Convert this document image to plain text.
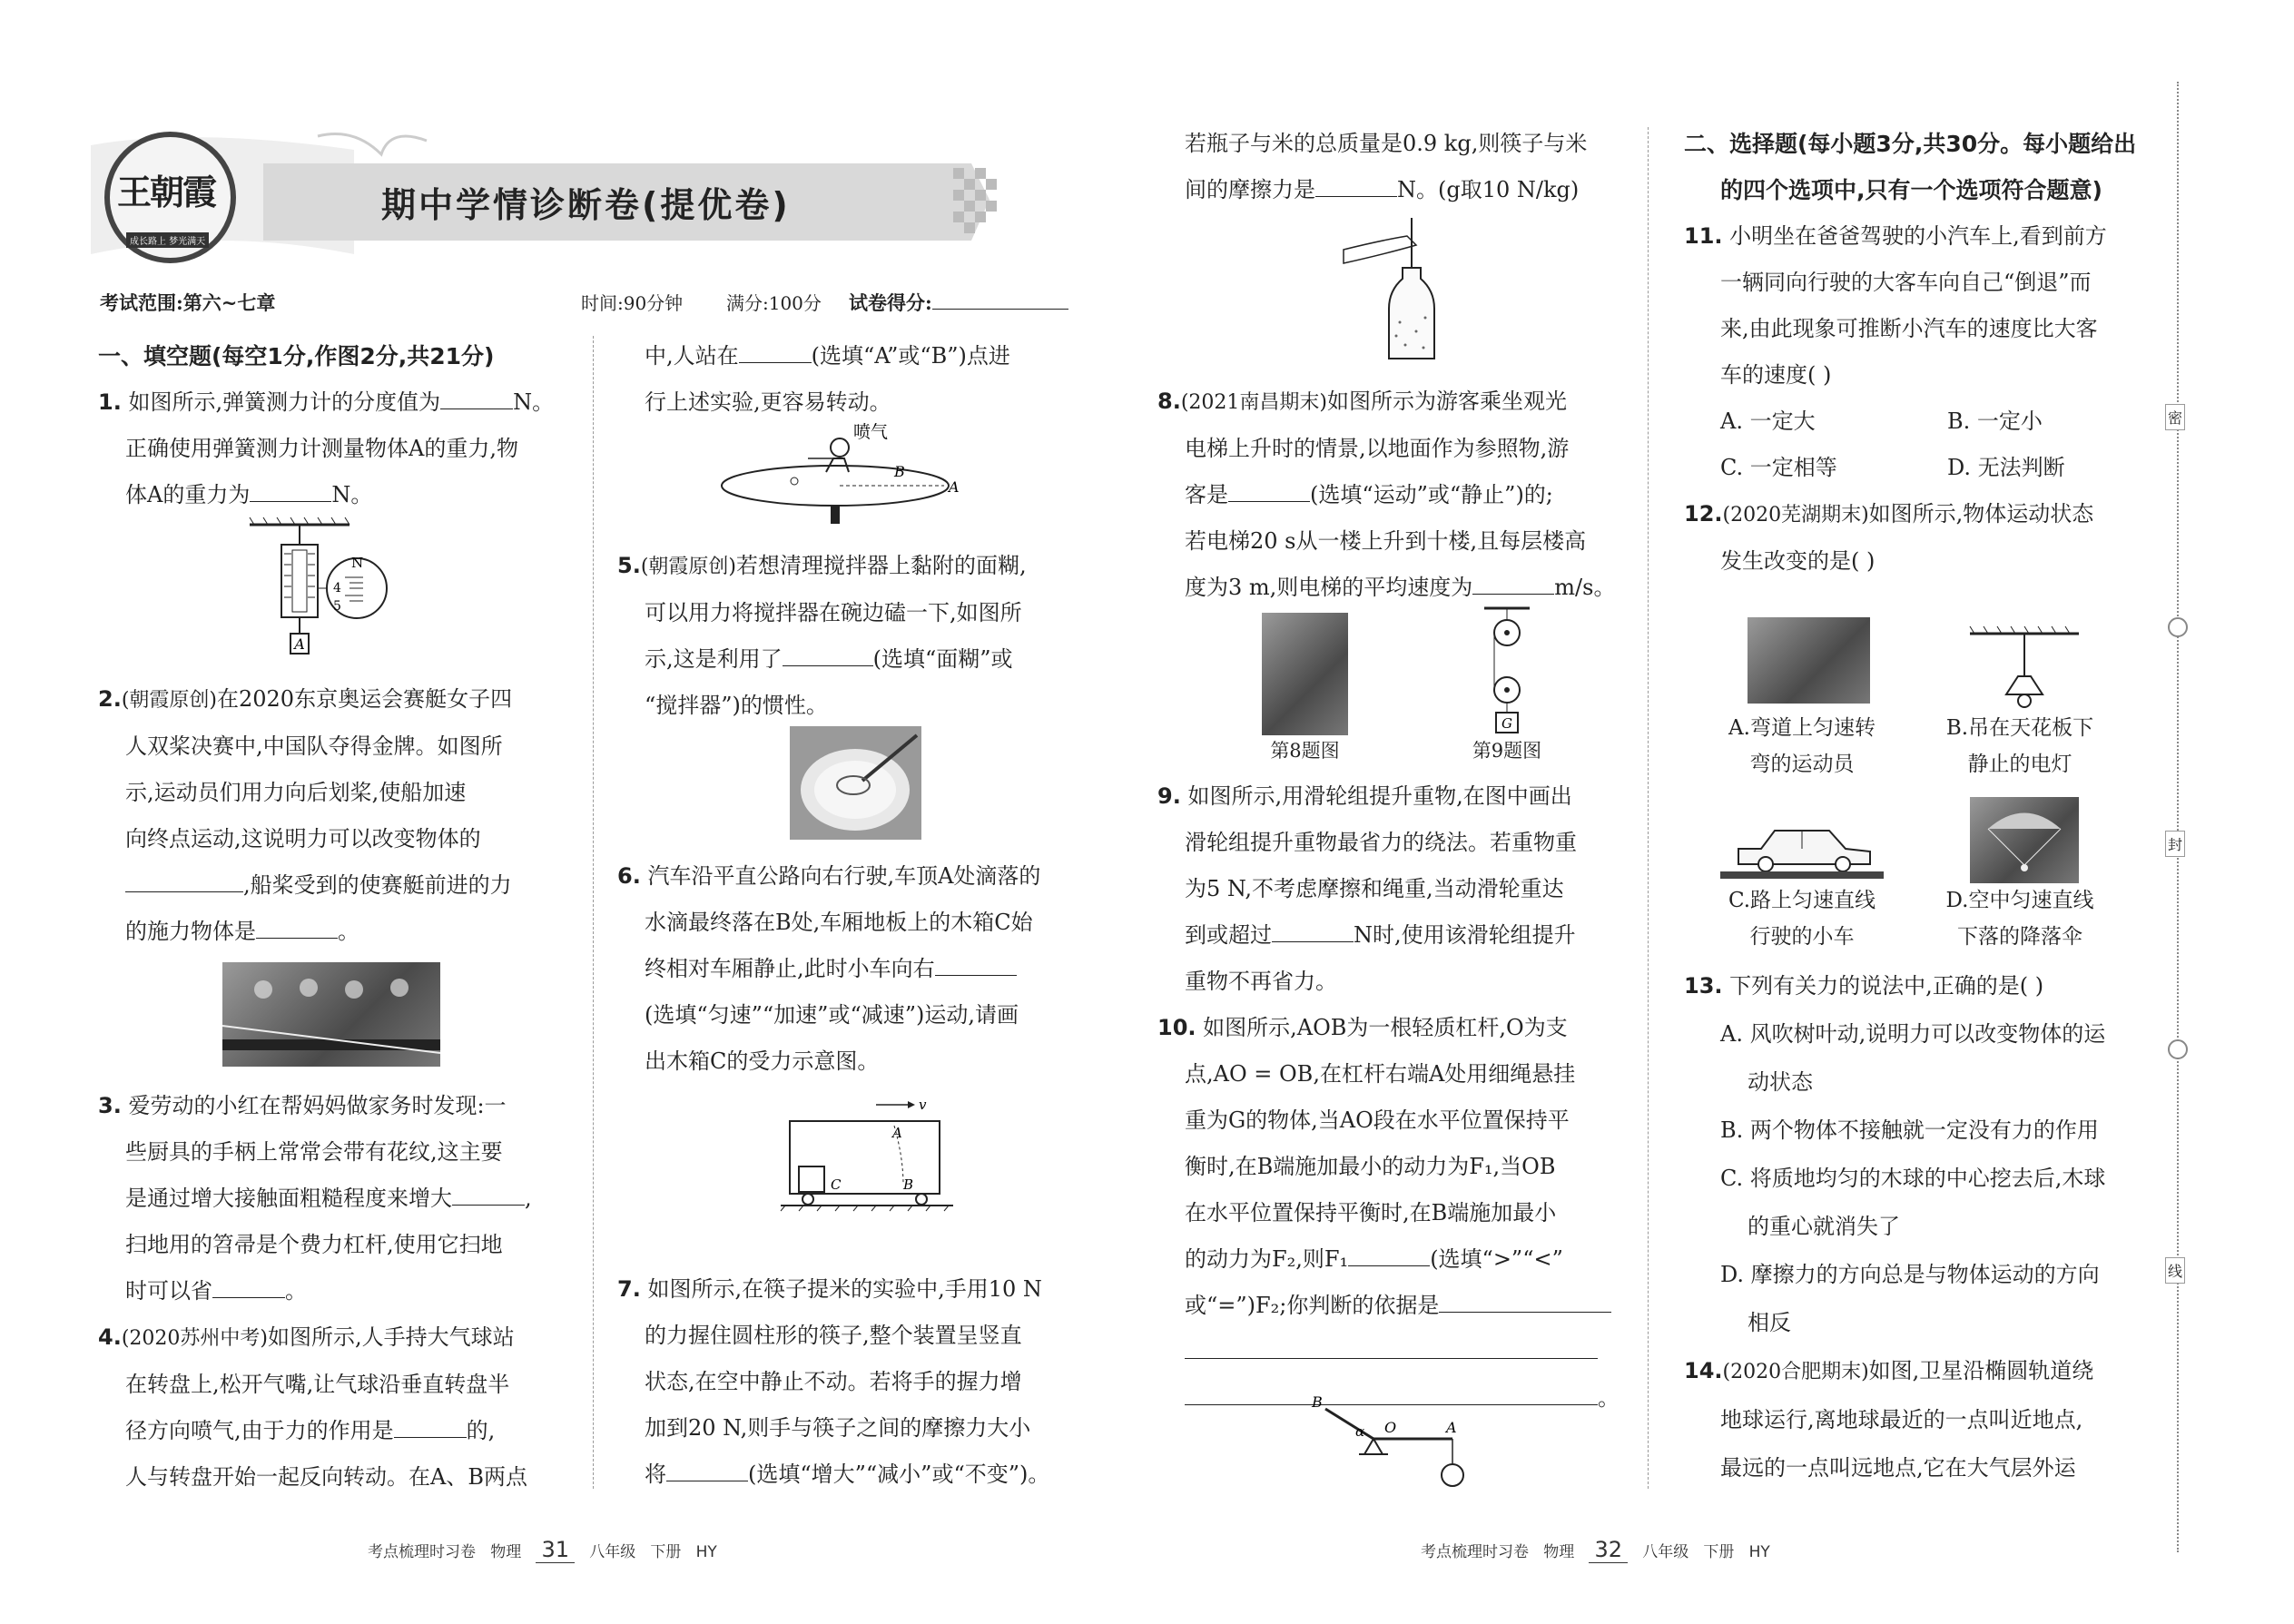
王朝霞
成长路上 梦光满天
期中学情诊断卷(提优卷)
考试范围:第六~七章	时间:90分钟 满分:100分 试卷得分:

一、填空题(每空1分,作图2分,共21分)

1. 如图所示,弹簧测力计的分度值为	N。

正确使用弹簧测力计测量物体A的重力,物

体A的重力为	N。

A
N
4
5

2.(朝霞原创)在2020东京奥运会赛艇女子四

人双桨决赛中,中国队夺得金牌。如图所

示,运动员们用力向后划桨,使船加速

向终点运动,这说明力可以改变物体的

,船桨受到的使赛艇前进的力

的施力物体是	。

3. 爱劳动的小红在帮妈妈做家务时发现:一

些厨具的手柄上常常会带有花纹,这主要

是通过增大接触面粗糙程度来增大	,

扫地用的笤帚是个费力杠杆,使用它扫地

时可以省	。

4.(2020苏州中考)如图所示,人手持大气球站

在转盘上,松开气嘴,让气球沿垂直转盘半

径方向喷气,由于力的作用是	的,

人与转盘开始一起反向转动。在A、B两点

中,人站在	(选填“A”或“B”)点进

行上述实验,更容易转动。

喷气
B
A

5.(朝霞原创)若想清理搅拌器上黏附的面糊,

可以用力将搅拌器在碗边磕一下,如图所

示,这是利用了	(选填“面糊”或

“搅拌器”)的惯性。

6. 汽车沿平直公路向右行驶,车顶A处滴落的

水滴最终落在B处,车厢地板上的木箱C始

终相对车厢静止,此时小车向右

(选填“匀速”“加速”或“减速”)运动,请画

出木箱C的受力示意图。

v
A
C	B

7. 如图所示,在筷子提米的实验中,手用10 N

的力握住圆柱形的筷子,整个装置呈竖直

状态,在空中静止不动。若将手的握力增

加到20 N,则手与筷子之间的摩擦力大小

将	(选填“增大”“减小”或“不变”)。

若瓶子与米的总质量是0.9 kg,则筷子与米

间的摩擦力是	N。(g取10 N/kg)

8.(2021南昌期末)如图所示为游客乘坐观光

电梯上升时的情景,以地面作为参照物,游

客是	(选填“运动”或“静止”)的;

若电梯20 s从一楼上升到十楼,且每层楼高

度为3 m,则电梯的平均速度为	m/s。

第8题图
G
第9题图

9. 如图所示,用滑轮组提升重物,在图中画出

滑轮组提升重物最省力的绕法。若重物重

为5 N,不考虑摩擦和绳重,当动滑轮重达

到或超过	N时,使用该滑轮组提升

重物不再省力。

10. 如图所示,AOB为一根轻质杠杆,O为支

点,AO = OB,在杠杆右端A处用细绳悬挂

重为G的物体,当AO段在水平位置保持平

衡时,在B端施加最小的动力为F₁,当OB

在水平位置保持平衡时,在B端施加最小

的动力为F₂,则F₁	(选填“>”“<”

或“=”)F₂;你判断的依据是

。

B
α O	A

二、选择题(每小题3分,共30分。每小题给出

的四个选项中,只有一个选项符合题意)

11. 小明坐在爸爸驾驶的小汽车上,看到前方

一辆同向行驶的大客车向自己“倒退”而

来,由此现象可推断小汽车的速度比大客

车的速度( )

A. 一定大	B. 一定小

C. 一定相等	D. 无法判断

12.(2020芜湖期末)如图所示,物体运动状态

发生改变的是( )

A.弯道上匀速转
弯的运动员
B.吊在天花板下
静止的电灯
C.路上匀速直线
行驶的小车
D.空中匀速直线
下落的降落伞

13. 下列有关力的说法中,正确的是( )

A. 风吹树叶动,说明力可以改变物体的运

动状态

B. 两个物体不接触就一定没有力的作用

C. 将质地均匀的木球的中心挖去后,木球

的重心就消失了

D. 摩擦力的方向总是与物体运动的方向

相反

14.(2020合肥期末)如图,卫星沿椭圆轨道绕

地球运行,离地球最近的一点叫近地点,

最远的一点叫远地点,它在大气层外运

密
封
线
考点梳理时习卷 物理 31 八年级 下册 HY	考点梳理时习卷 物理 32 八年级 下册 HY
